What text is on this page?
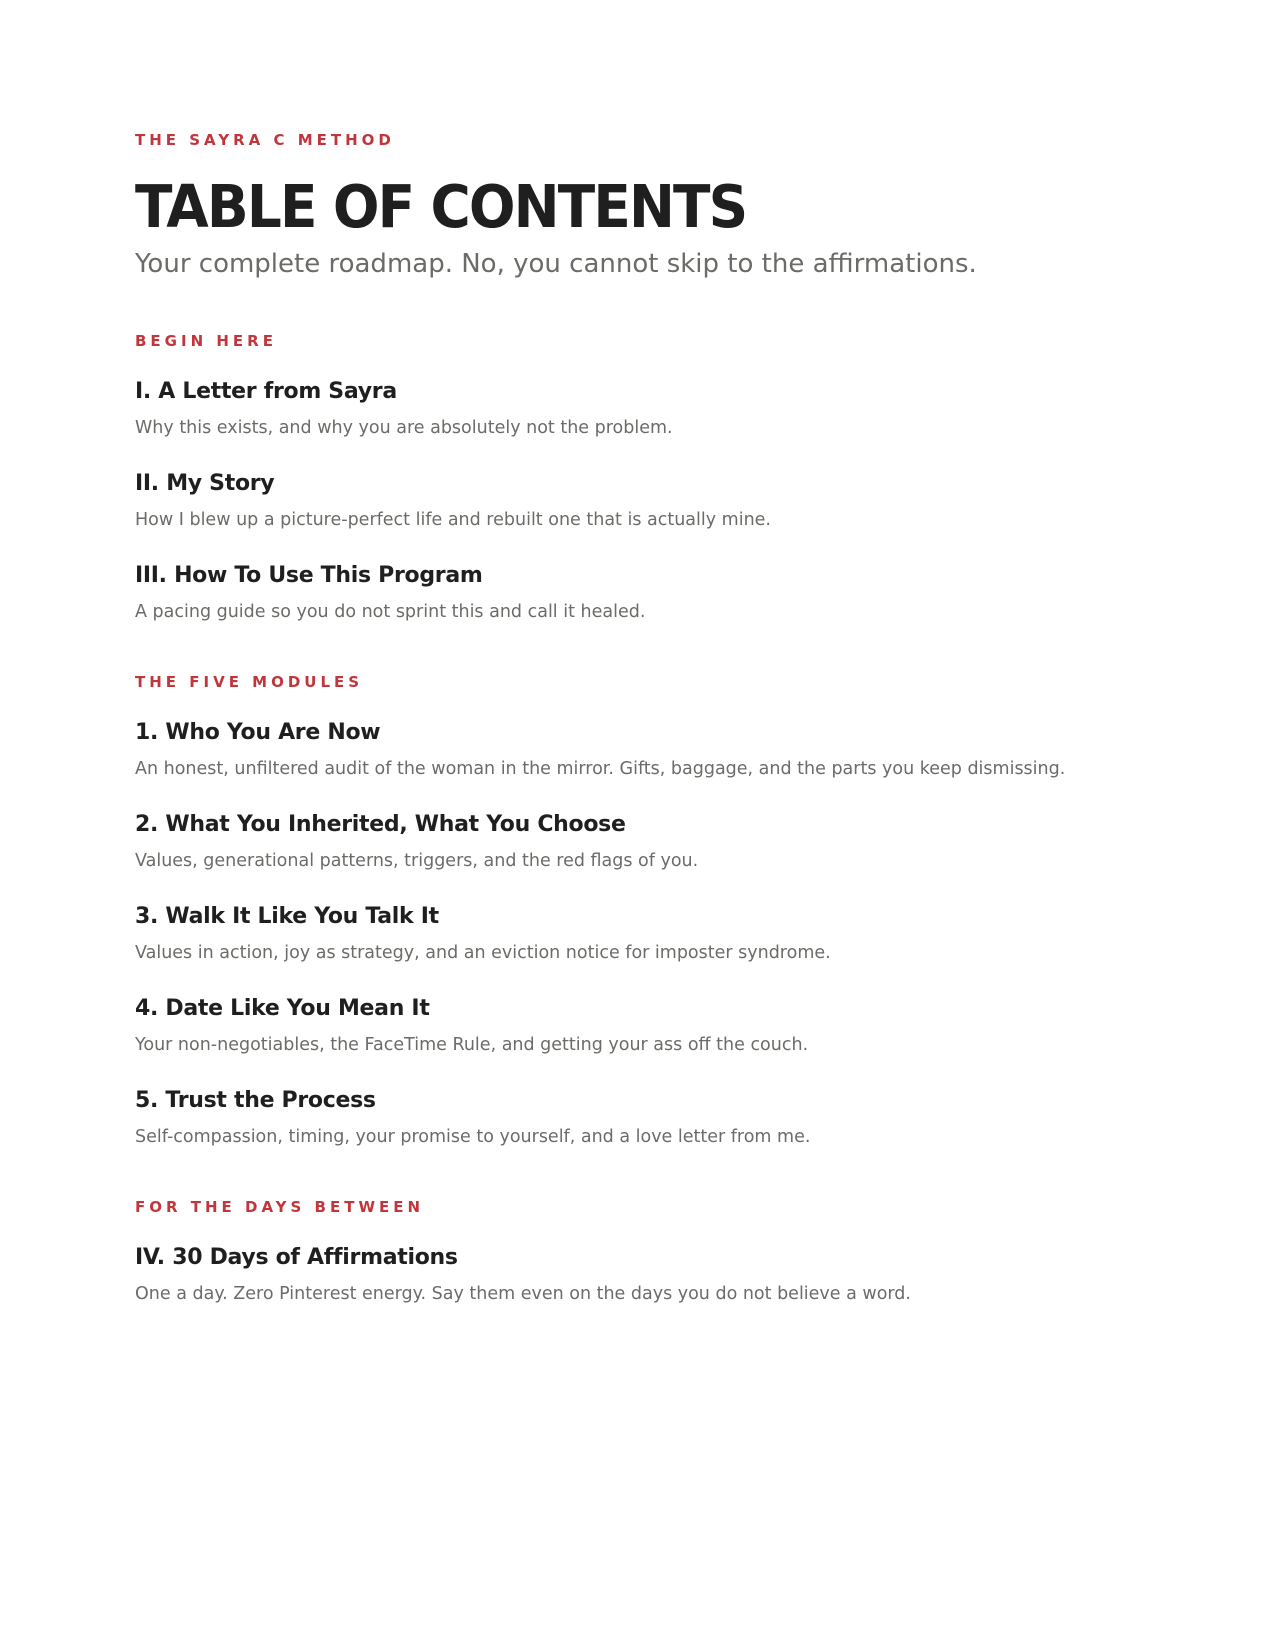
THE SAYRA C METHOD

TABLE OF CONTENTS

Your complete roadmap. No, you cannot skip to the affirmations.

BEGIN HERE

I. A Letter from Sayra
Why this exists, and why you are absolutely not the problem.
II. My Story
How I blew up a picture-perfect life and rebuilt one that is actually mine.
III. How To Use This Program
A pacing guide so you do not sprint this and call it healed.

THE FIVE MODULES

1. Who You Are Now
An honest, unfiltered audit of the woman in the mirror. Gifts, baggage, and the parts you keep dismissing.
2. What You Inherited, What You Choose
Values, generational patterns, triggers, and the red flags of you.
3. Walk It Like You Talk It
Values in action, joy as strategy, and an eviction notice for imposter syndrome.
4. Date Like You Mean It
Your non-negotiables, the FaceTime Rule, and getting your ass off the couch.
5. Trust the Process
Self-compassion, timing, your promise to yourself, and a love letter from me.

FOR THE DAYS BETWEEN

IV. 30 Days of Affirmations
One a day. Zero Pinterest energy. Say them even on the days you do not believe a word.
